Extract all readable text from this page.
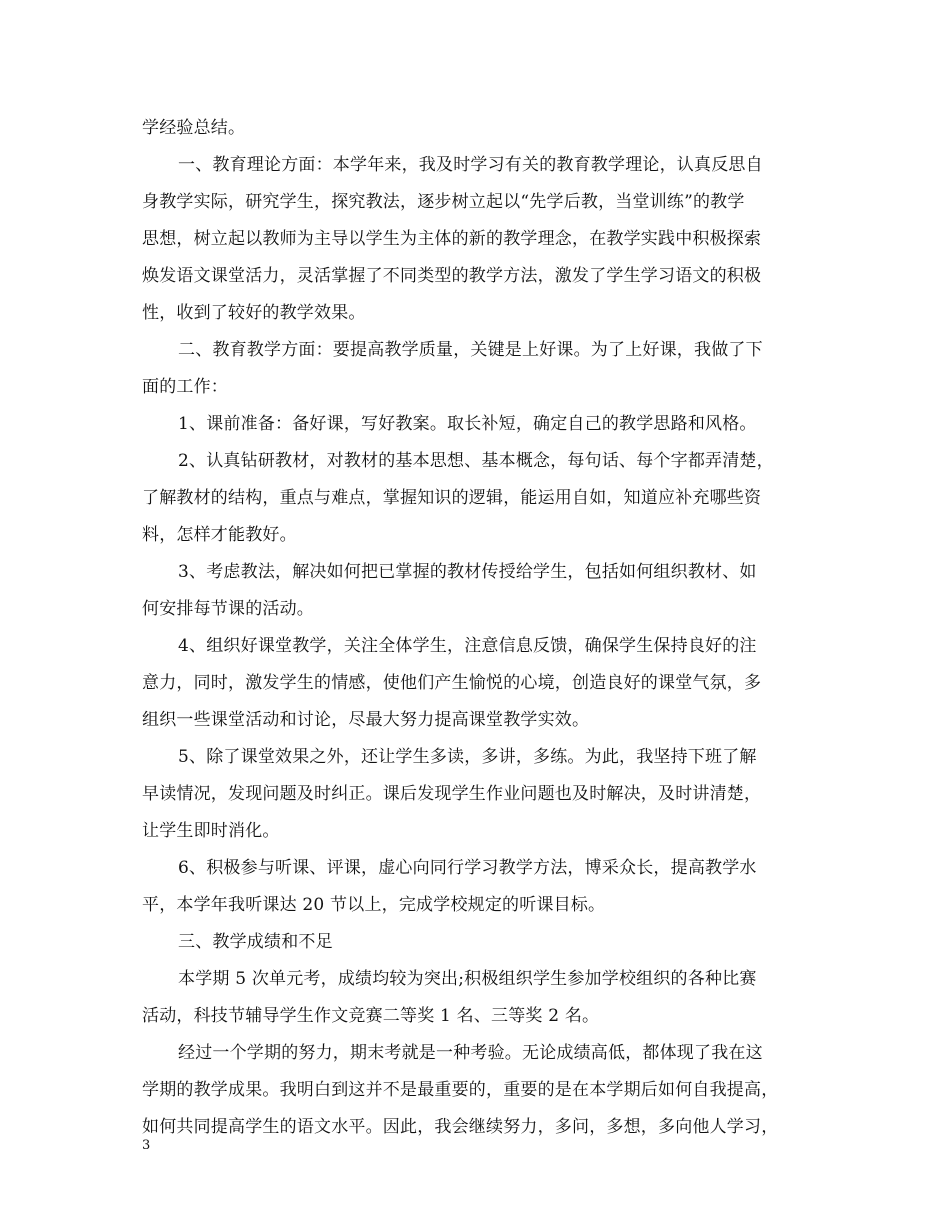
学经验总结。
一、教育理论方面：本学年来，我及时学习有关的教育教学理论，认真反思自
身教学实际，研究学生，探究教法，逐步树立起以“先学后教，当堂训练”的教学
思想，树立起以教师为主导以学生为主体的新的教学理念，在教学实践中积极探索
焕发语文课堂活力，灵活掌握了不同类型的教学方法，激发了学生学习语文的积极
性，收到了较好的教学效果。
二、教育教学方面：要提高教学质量，关键是上好课。为了上好课，我做了下
面的工作：
1、课前准备：备好课，写好教案。取长补短，确定自己的教学思路和风格。
2、认真钻研教材，对教材的基本思想、基本概念，每句话、每个字都弄清楚，
了解教材的结构，重点与难点，掌握知识的逻辑，能运用自如，知道应补充哪些资
料，怎样才能教好。
3、考虑教法，解决如何把已掌握的教材传授给学生，包括如何组织教材、如
何安排每节课的活动。
4、组织好课堂教学，关注全体学生，注意信息反馈，确保学生保持良好的注
意力，同时，激发学生的情感，使他们产生愉悦的心境，创造良好的课堂气氛，多
组织一些课堂活动和讨论，尽最大努力提高课堂教学实效。
5、除了课堂效果之外，还让学生多读，多讲，多练。为此，我坚持下班了解
早读情况，发现问题及时纠正。课后发现学生作业问题也及时解决，及时讲清楚，
让学生即时消化。
6、积极参与听课、评课，虚心向同行学习教学方法，博采众长，提高教学水
平，本学年我听课达 20 节以上，完成学校规定的听课目标。
三、教学成绩和不足
本学期 5 次单元考，成绩均较为突出;积极组织学生参加学校组织的各种比赛
活动，科技节辅导学生作文竞赛二等奖 1 名、三等奖 2 名。
经过一个学期的努力，期末考就是一种考验。无论成绩高低，都体现了我在这
学期的教学成果。我明白到这并不是最重要的，重要的是在本学期后如何自我提高，
如何共同提高学生的语文水平。因此，我会继续努力，多问，多想，多向他人学习，
3
